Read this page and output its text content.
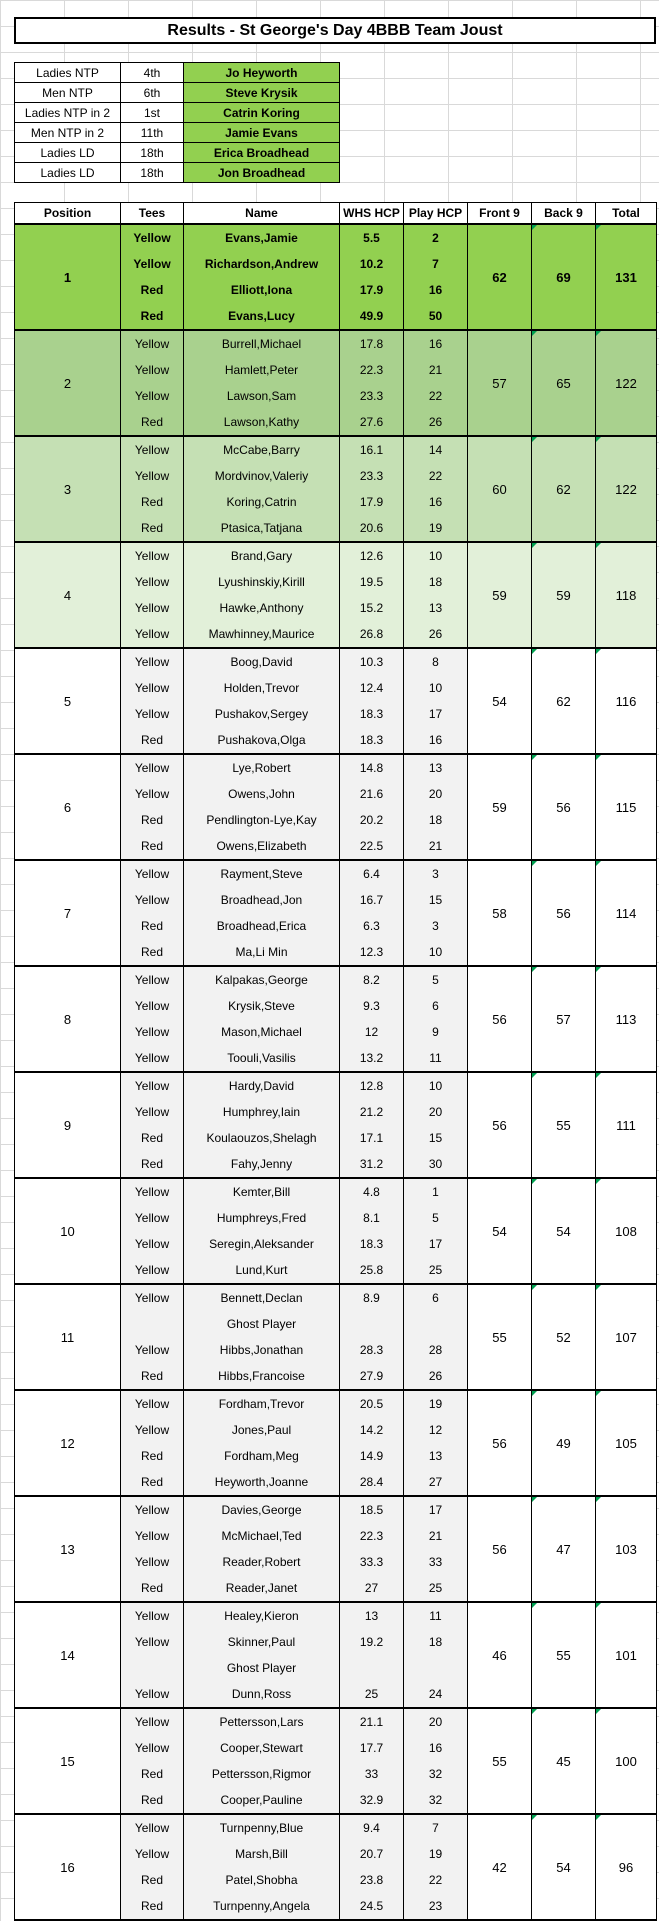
Results - St George's Day 4BBB Team Joust
Ladies NTP	4th	Jo Heyworth
Men NTP	6th	Steve Krysik
Ladies NTP in 2	1st	Catrin Koring
Men NTP in 2	11th	Jamie Evans
Ladies LD	18th	Erica Broadhead
Ladies LD	18th	Jon Broadhead
Position	Tees	Name	WHS HCP	Play HCP	Front 9	Back 9	Total
1	Yellow	Evans,Jamie	5.5	2	62	69	131
	Yellow	Richardson,Andrew	10.2	7			
	Red	Elliott,Iona	17.9	16			
	Red	Evans,Lucy	49.9	50			
2	Yellow	Burrell,Michael	17.8	16	57	65	122
	Yellow	Hamlett,Peter	22.3	21			
	Yellow	Lawson,Sam	23.3	22			
	Red	Lawson,Kathy	27.6	26			
3	Yellow	McCabe,Barry	16.1	14	60	62	122
	Yellow	Mordvinov,Valeriy	23.3	22			
	Red	Koring,Catrin	17.9	16			
	Red	Ptasica,Tatjana	20.6	19			
4	Yellow	Brand,Gary	12.6	10	59	59	118
	Yellow	Lyushinskiy,Kirill	19.5	18			
	Yellow	Hawke,Anthony	15.2	13			
	Yellow	Mawhinney,Maurice	26.8	26			
5	Yellow	Boog,David	10.3	8	54	62	116
	Yellow	Holden,Trevor	12.4	10			
	Yellow	Pushakov,Sergey	18.3	17			
	Red	Pushakova,Olga	18.3	16			
6	Yellow	Lye,Robert	14.8	13	59	56	115
	Yellow	Owens,John	21.6	20			
	Red	Pendlington-Lye,Kay	20.2	18			
	Red	Owens,Elizabeth	22.5	21			
7	Yellow	Rayment,Steve	6.4	3	58	56	114
	Yellow	Broadhead,Jon	16.7	15			
	Red	Broadhead,Erica	6.3	3			
	Red	Ma,Li Min	12.3	10			
8	Yellow	Kalpakas,George	8.2	5	56	57	113
	Yellow	Krysik,Steve	9.3	6			
	Yellow	Mason,Michael	12	9			
	Yellow	Toouli,Vasilis	13.2	11			
9	Yellow	Hardy,David	12.8	10	56	55	111
	Yellow	Humphrey,Iain	21.2	20			
	Red	Koulaouzos,Shelagh	17.1	15			
	Red	Fahy,Jenny	31.2	30			
10	Yellow	Kemter,Bill	4.8	1	54	54	108
	Yellow	Humphreys,Fred	8.1	5			
	Yellow	Seregin,Aleksander	18.3	17			
	Yellow	Lund,Kurt	25.8	25			
11	Yellow	Bennett,Declan	8.9	6	55	52	107
		Ghost Player					
	Yellow	Hibbs,Jonathan	28.3	28			
	Red	Hibbs,Francoise	27.9	26			
12	Yellow	Fordham,Trevor	20.5	19	56	49	105
	Yellow	Jones,Paul	14.2	12			
	Red	Fordham,Meg	14.9	13			
	Red	Heyworth,Joanne	28.4	27			
13	Yellow	Davies,George	18.5	17	56	47	103
	Yellow	McMichael,Ted	22.3	21			
	Yellow	Reader,Robert	33.3	33			
	Red	Reader,Janet	27	25			
14	Yellow	Healey,Kieron	13	11	46	55	101
	Yellow	Skinner,Paul	19.2	18			
		Ghost Player					
	Yellow	Dunn,Ross	25	24			
15	Yellow	Pettersson,Lars	21.1	20	55	45	100
	Yellow	Cooper,Stewart	17.7	16			
	Red	Pettersson,Rigmor	33	32			
	Red	Cooper,Pauline	32.9	32			
16	Yellow	Turnpenny,Blue	9.4	7	42	54	96
	Yellow	Marsh,Bill	20.7	19			
	Red	Patel,Shobha	23.8	22			
	Red	Turnpenny,Angela	24.5	23			
